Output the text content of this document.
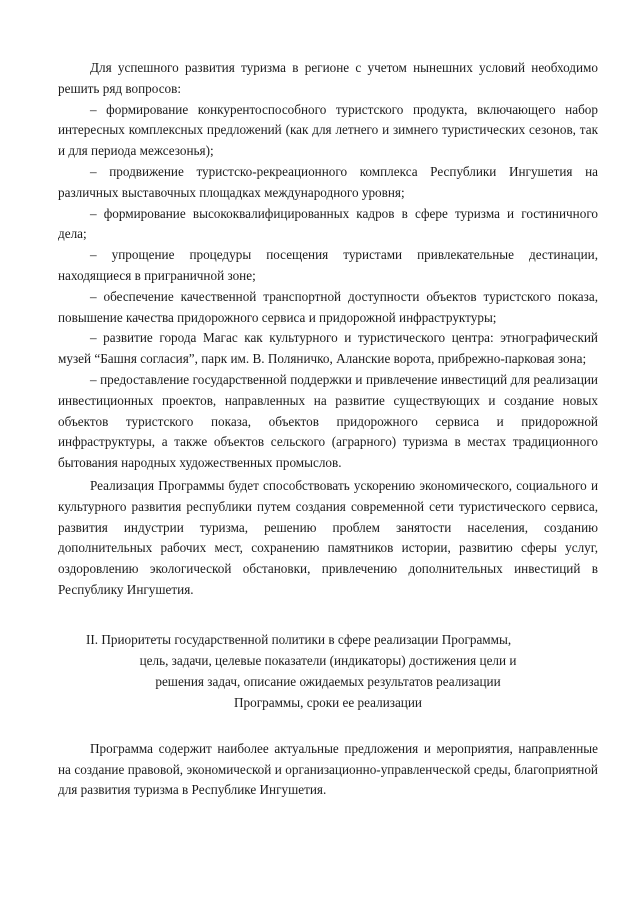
Для успешного развития туризма в регионе с учетом нынешних условий необходимо решить ряд вопросов:

– формирование конкурентоспособного туристского продукта, включающего набор интересных комплексных предложений (как для летнего и зимнего туристических сезонов, так и для периода межсезонья);

– продвижение туристско-рекреационного комплекса Республики Ингушетия на различных выставочных площадках международного уровня;

– формирование высококвалифицированных кадров в сфере туризма и гостиничного дела;

– упрощение процедуры посещения туристами привлекательные дестинации, находящиеся в приграничной зоне;

– обеспечение качественной транспортной доступности объектов туристского показа, повышение качества придорожного сервиса и придорожной инфраструктуры;

– развитие города Магас как культурного и туристического центра: этнографический музей “Башня согласия”, парк им. В. Поляничко, Аланские ворота, прибрежно-парковая зона;

– предоставление государственной поддержки и привлечение инвестиций для реализации инвестиционных проектов, направленных на развитие существующих и создание новых объектов туристского показа, объектов придорожного сервиса и придорожной инфраструктуры, а также объектов сельского (аграрного) туризма в местах традиционного бытования народных художественных промыслов.

Реализация Программы будет способствовать ускорению экономического, социального и культурного развития республики путем создания современной сети туристического сервиса, развития индустрии туризма, решению проблем занятости населения, созданию дополнительных рабочих мест, сохранению памятников истории, развитию сферы услуг, оздоровлению экологической обстановки, привлечению дополнительных инвестиций в Республику Ингушетия.

II. Приоритеты государственной политики в сфере реализации Программы,
цель, задачи, целевые показатели (индикаторы) достижения цели и
решения задач, описание ожидаемых результатов реализации
Программы, сроки ее реализации

Программа содержит наиболее актуальные предложения и мероприятия, направленные на создание правовой, экономической и организационно-управленческой среды, благоприятной для развития туризма в Республике Ингушетия.
